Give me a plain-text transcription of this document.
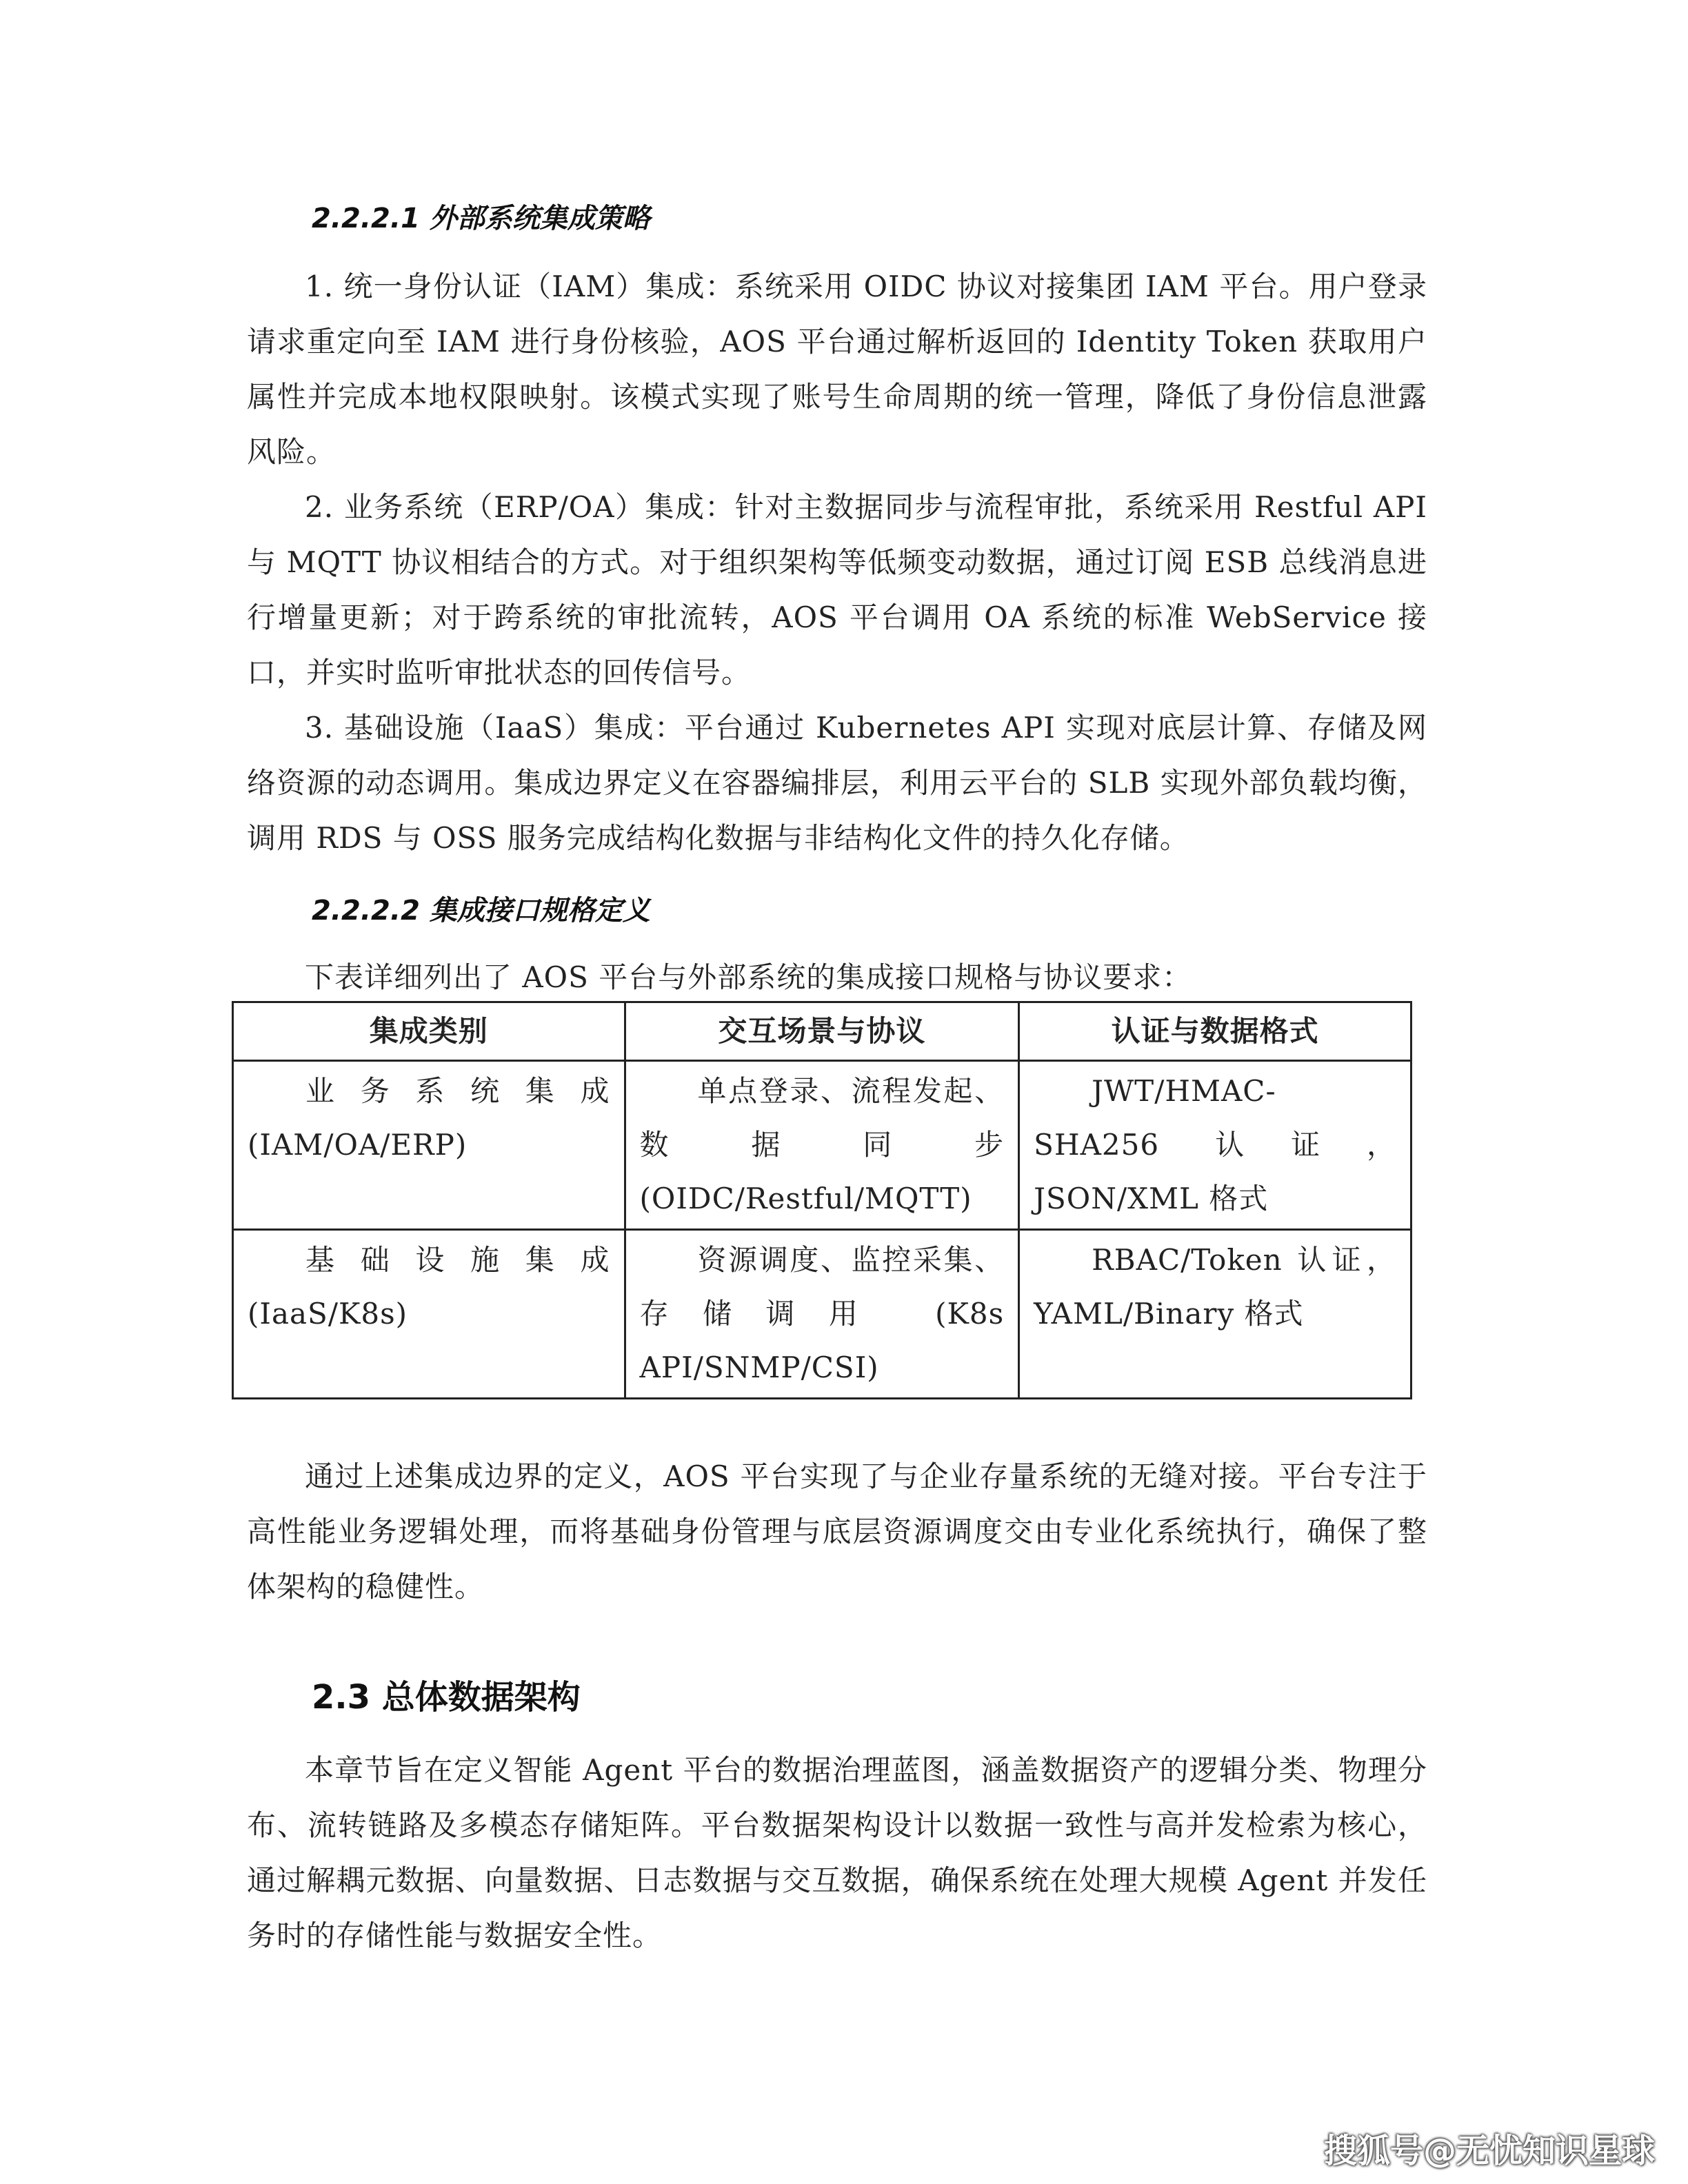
2.2.2.1 外部系统集成策略

1. 统一身份认证（IAM）集成：系统采用 OIDC 协议对接集团 IAM 平台。用户登录请求重定向至 IAM 进行身份核验，AOS 平台通过解析返回的 Identity Token 获取用户属性并完成本地权限映射。该模式实现了账号生命周期的统一管理，降低了身份信息泄露风险。

2. 业务系统（ERP/OA）集成：针对主数据同步与流程审批，系统采用 Restful API 与 MQTT 协议相结合的方式。对于组织架构等低频变动数据，通过订阅 ESB 总线消息进行增量更新；对于跨系统的审批流转，AOS 平台调用 OA 系统的标准 WebService 接口，并实时监听审批状态的回传信号。

3. 基础设施（IaaS）集成：平台通过 Kubernetes API 实现对底层计算、存储及网络资源的动态调用。集成边界定义在容器编排层，利用云平台的 SLB 实现外部负载均衡，调用 RDS 与 OSS 服务完成结构化数据与非结构化文件的持久化存储。

2.2.2.2 集成接口规格定义

下表详细列出了 AOS 平台与外部系统的集成接口规格与协议要求：

集成类别	交互场景与协议	认证与数据格式
业务系统集成(IAM/OA/ERP)	单点登录、流程发起、数据同步(OIDC/Restful/MQTT)	JWT/HMAC-SHA256 认证，JSON/XML 格式
基础设施集成(IaaS/K8s)	资源调度、监控采集、存储调用 (K8s API/SNMP/CSI)	RBAC/Token 认证，YAML/Binary 格式

通过上述集成边界的定义，AOS 平台实现了与企业存量系统的无缝对接。平台专注于高性能业务逻辑处理，而将基础身份管理与底层资源调度交由专业化系统执行，确保了整体架构的稳健性。

2.3 总体数据架构

本章节旨在定义智能 Agent 平台的数据治理蓝图，涵盖数据资产的逻辑分类、物理分布、流转链路及多模态存储矩阵。平台数据架构设计以数据一致性与高并发检索为核心，通过解耦元数据、向量数据、日志数据与交互数据，确保系统在处理大规模 Agent 并发任务时的存储性能与数据安全性。

搜狐号@无忧知识星球
